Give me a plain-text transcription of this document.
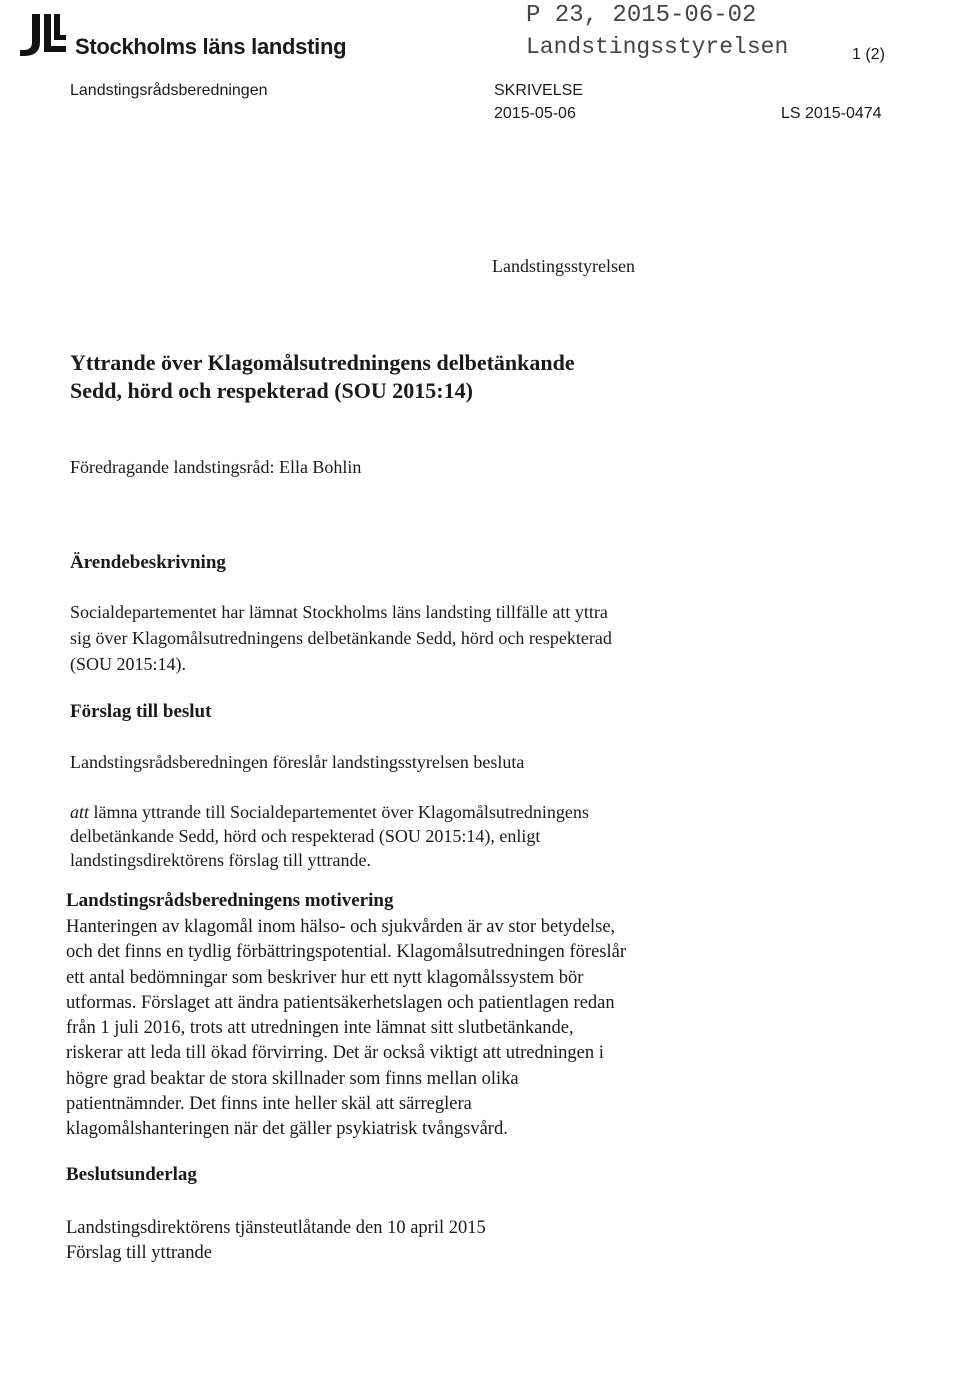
Stockholms läns landsting
Landstingsrådsberedningen
P 23, 2015-06-02
Landstingsstyrelsen	1 (2)
SKRIVELSE
2015-05-06	LS 2015-0474
Landstingsstyrelsen
Yttrande över Klagomålsutredningens delbetänkande
Sedd, hörd och respekterad (SOU 2015:14)
Föredragande landstingsråd: Ella Bohlin
Ärendebeskrivning
Socialdepartementet har lämnat Stockholms läns landsting tillfälle att yttra
sig över Klagomålsutredningens delbetänkande Sedd, hörd och respekterad
(SOU 2015:14).
Förslag till beslut
Landstingsrådsberedningen föreslår landstingsstyrelsen besluta
att lämna yttrande till Socialdepartementet över Klagomålsutredningens
delbetänkande Sedd, hörd och respekterad (SOU 2015:14), enligt
landstingsdirektörens förslag till yttrande.
Landstingsrådsberedningens motivering
Hanteringen av klagomål inom hälso- och sjukvården är av stor betydelse,
och det finns en tydlig förbättringspotential. Klagomålsutredningen föreslår
ett antal bedömningar som beskriver hur ett nytt klagomålssystem bör
utformas. Förslaget att ändra patientsäkerhetslagen och patientlagen redan
från 1 juli 2016, trots att utredningen inte lämnat sitt slutbetänkande,
riskerar att leda till ökad förvirring. Det är också viktigt att utredningen i
högre grad beaktar de stora skillnader som finns mellan olika
patientnämnder. Det finns inte heller skäl att särreglera
klagomålshanteringen när det gäller psykiatrisk tvångsvård.
Beslutsunderlag
Landstingsdirektörens tjänsteutlåtande den 10 april 2015
Förslag till yttrande
